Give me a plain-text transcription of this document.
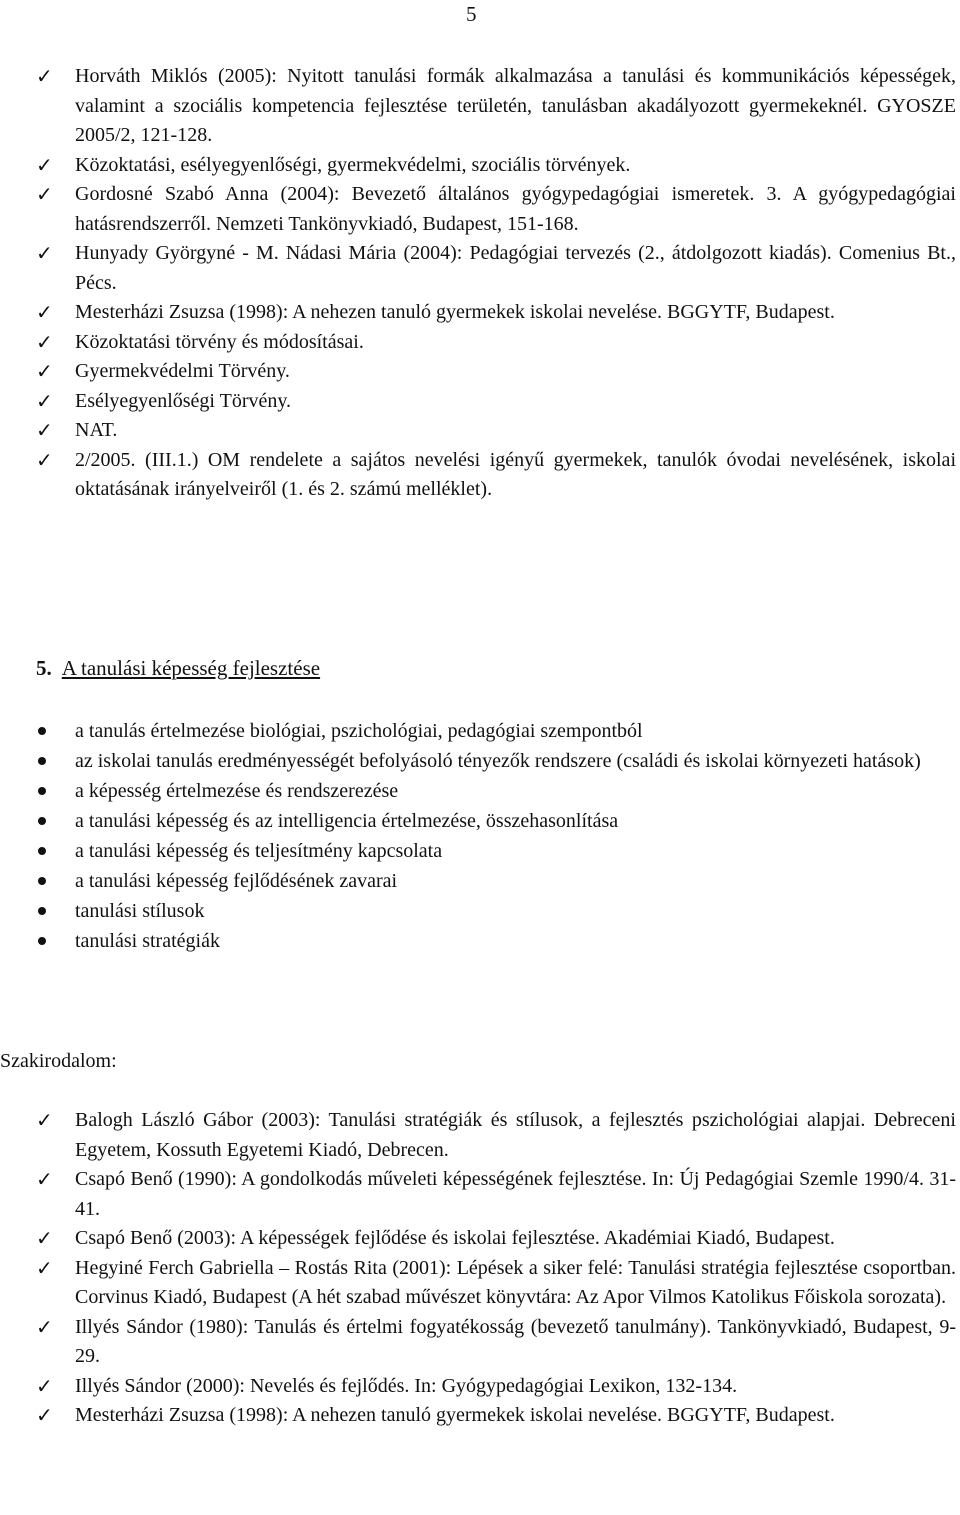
5
✓ Horváth Miklós (2005): Nyitott tanulási formák alkalmazása a tanulási és kommunikációs képességek, valamint a szociális kompetencia fejlesztése területén, tanulásban akadályozott gyermekeknél. GYOSZE 2005/2, 121-128.
✓ Közoktatási, esélyegyenlőségi, gyermekvédelmi, szociális törvények.
✓ Gordosné Szabó Anna (2004): Bevezető általános gyógypedagógiai ismeretek. 3. A gyógypedagógiai hatásrendszerről. Nemzeti Tankönyvkiadó, Budapest, 151-168.
✓ Hunyady Györgyné - M. Nádasi Mária (2004): Pedagógiai tervezés (2., átdolgozott kiadás). Comenius Bt., Pécs.
✓ Mesterházi Zsuzsa (1998): A nehezen tanuló gyermekek iskolai nevelése. BGGYTF, Budapest.
✓ Közoktatási törvény és módosításai.
✓ Gyermekvédelmi Törvény.
✓ Esélyegyenlőségi Törvény.
✓ NAT.
✓ 2/2005. (III.1.) OM rendelete a sajátos nevelési igényű gyermekek, tanulók óvodai nevelésének, iskolai oktatásának irányelveiről (1. és 2. számú melléklet).
5. A tanulási képesség fejlesztése
a tanulás értelmezése biológiai, pszichológiai, pedagógiai szempontból
az iskolai tanulás eredményességét befolyásoló tényezők rendszere (családi és iskolai környezeti hatások)
a képesség értelmezése és rendszerezése
a tanulási képesség és az intelligencia értelmezése, összehasonlítása
a tanulási képesség és teljesítmény kapcsolata
a tanulási képesség fejlődésének zavarai
tanulási stílusok
tanulási stratégiák
Szakirodalom:
✓ Balogh László Gábor (2003): Tanulási stratégiák és stílusok, a fejlesztés pszichológiai alapjai. Debreceni Egyetem, Kossuth Egyetemi Kiadó, Debrecen.
✓ Csapó Benő (1990): A gondolkodás műveleti képességének fejlesztése. In: Új Pedagógiai Szemle 1990/4. 31-41.
✓ Csapó Benő (2003): A képességek fejlődése és iskolai fejlesztése. Akadémiai Kiadó, Budapest.
✓ Hegyiné Ferch Gabriella – Rostás Rita (2001): Lépések a siker felé: Tanulási stratégia fejlesztése csoportban. Corvinus Kiadó, Budapest (A hét szabad művészet könyvtára: Az Apor Vilmos Katolikus Főiskola sorozata).
✓ Illyés Sándor (1980): Tanulás és értelmi fogyatékosság (bevezető tanulmány). Tankönyvkiadó, Budapest, 9-29.
✓ Illyés Sándor (2000): Nevelés és fejlődés. In: Gyógypedagógiai Lexikon, 132-134.
✓ Mesterházi Zsuzsa (1998): A nehezen tanuló gyermekek iskolai nevelése. BGGYTF, Budapest.
